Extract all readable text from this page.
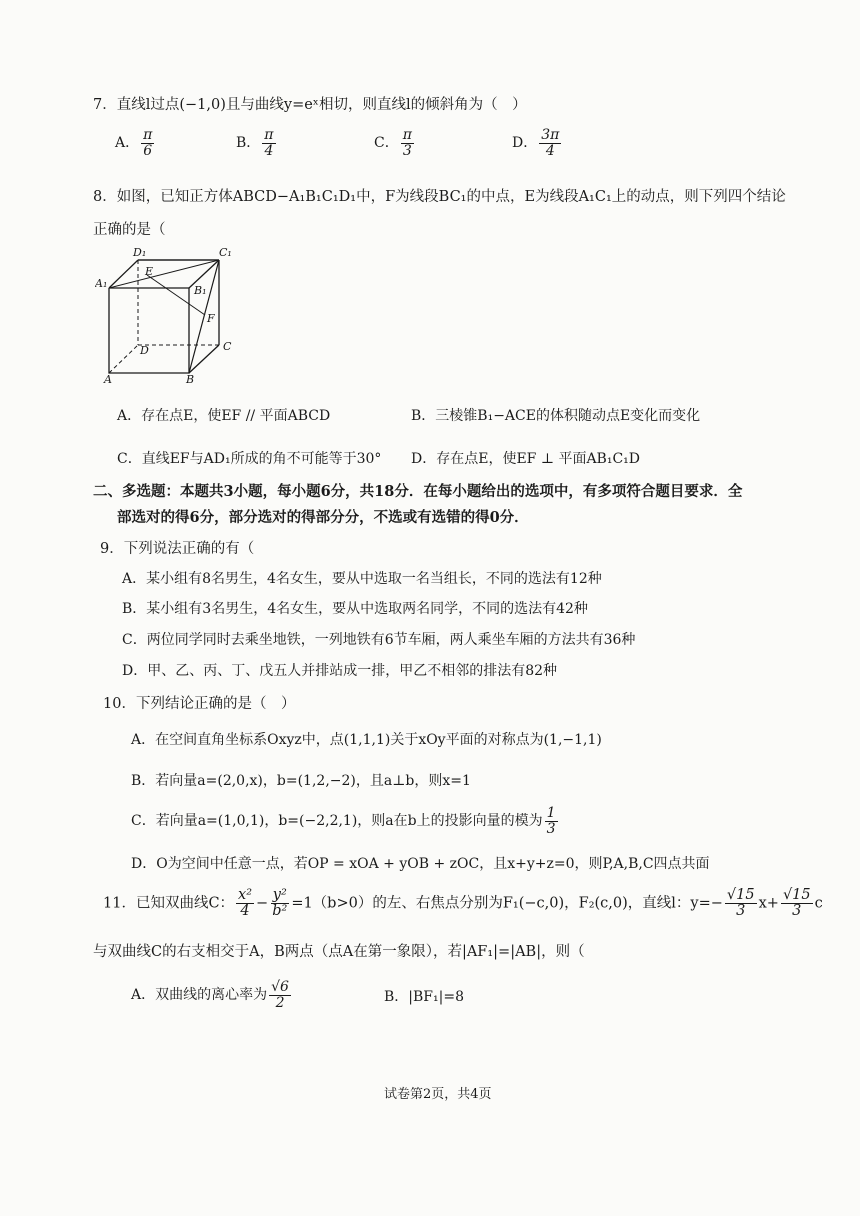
7．直线l过点(−1,0)且与曲线y=eˣ相切，则直线l的倾斜角为（　）
A． $\frac{\pi}{6}$	B． $\frac{\pi}{4}$	C． $\frac{\pi}{3}$	D． $\frac{3\pi}{4}$
8．如图，已知正方体ABCD−A₁B₁C₁D₁中，F为线段BC₁的中点，E为线段A₁C₁上的动点，则下列四个结论
正确的是（
D₁	C₁
A₁
E
B₁
F
D	C
A	B
A．存在点E，使EF // 平面ABCD	B．三棱锥B₁−ACE的体积随动点E变化而变化
C．直线EF与AD₁所成的角不可能等于30° D．存在点E，使EF ⊥ 平面AB₁C₁D
二、多选题：本题共3小题，每小题6分，共18分．在每小题给出的选项中，有多项符合题目要求．全
部选对的得6分，部分选对的得部分分，不选或有选错的得0分．
9．下列说法正确的有（
A．某小组有8名男生，4名女生，要从中选取一名当组长，不同的选法有12种
B．某小组有3名男生，4名女生，要从中选取两名同学，不同的选法有42种
C．两位同学同时去乘坐地铁，一列地铁有6节车厢，两人乘坐车厢的方法共有36种
D．甲、乙、丙、丁、戊五人并排站成一排，甲乙不相邻的排法有82种
10．下列结论正确的是（　）
A．在空间直角坐标系Oxyz中，点(1,1,1)关于xOy平面的对称点为(1,−1,1)
B．若向量a=(2,0,x)，b=(1,2,−2)，且a⊥b，则x=1
C．若向量a=(1,0,1)，b=(−2,2,1)，则a在b上的投影向量的模为 $\frac{1}{3}$
D．O为空间中任意一点，若OP = xOA + yOB + zOC，且x+y+z=0，则P,A,B,C四点共面
11．已知双曲线C： $\frac{\text{x²}}{4} - \frac{\text{y²}}{\text{b²}} =1(b>0)$的左、右焦点分别为F₁(−c,0)，F₂(c,0)，直线l：$y=- \frac{√15}{3} x+ \frac{√15}{3}$ c
与双曲线C的右支相交于A，B两点（点A在第一象限），若|AF₁|=|AB|，则（
A．双曲线的离心率为 $\frac{√6}{2}$	B．|BF₁|=8
试卷第2页，共4页
